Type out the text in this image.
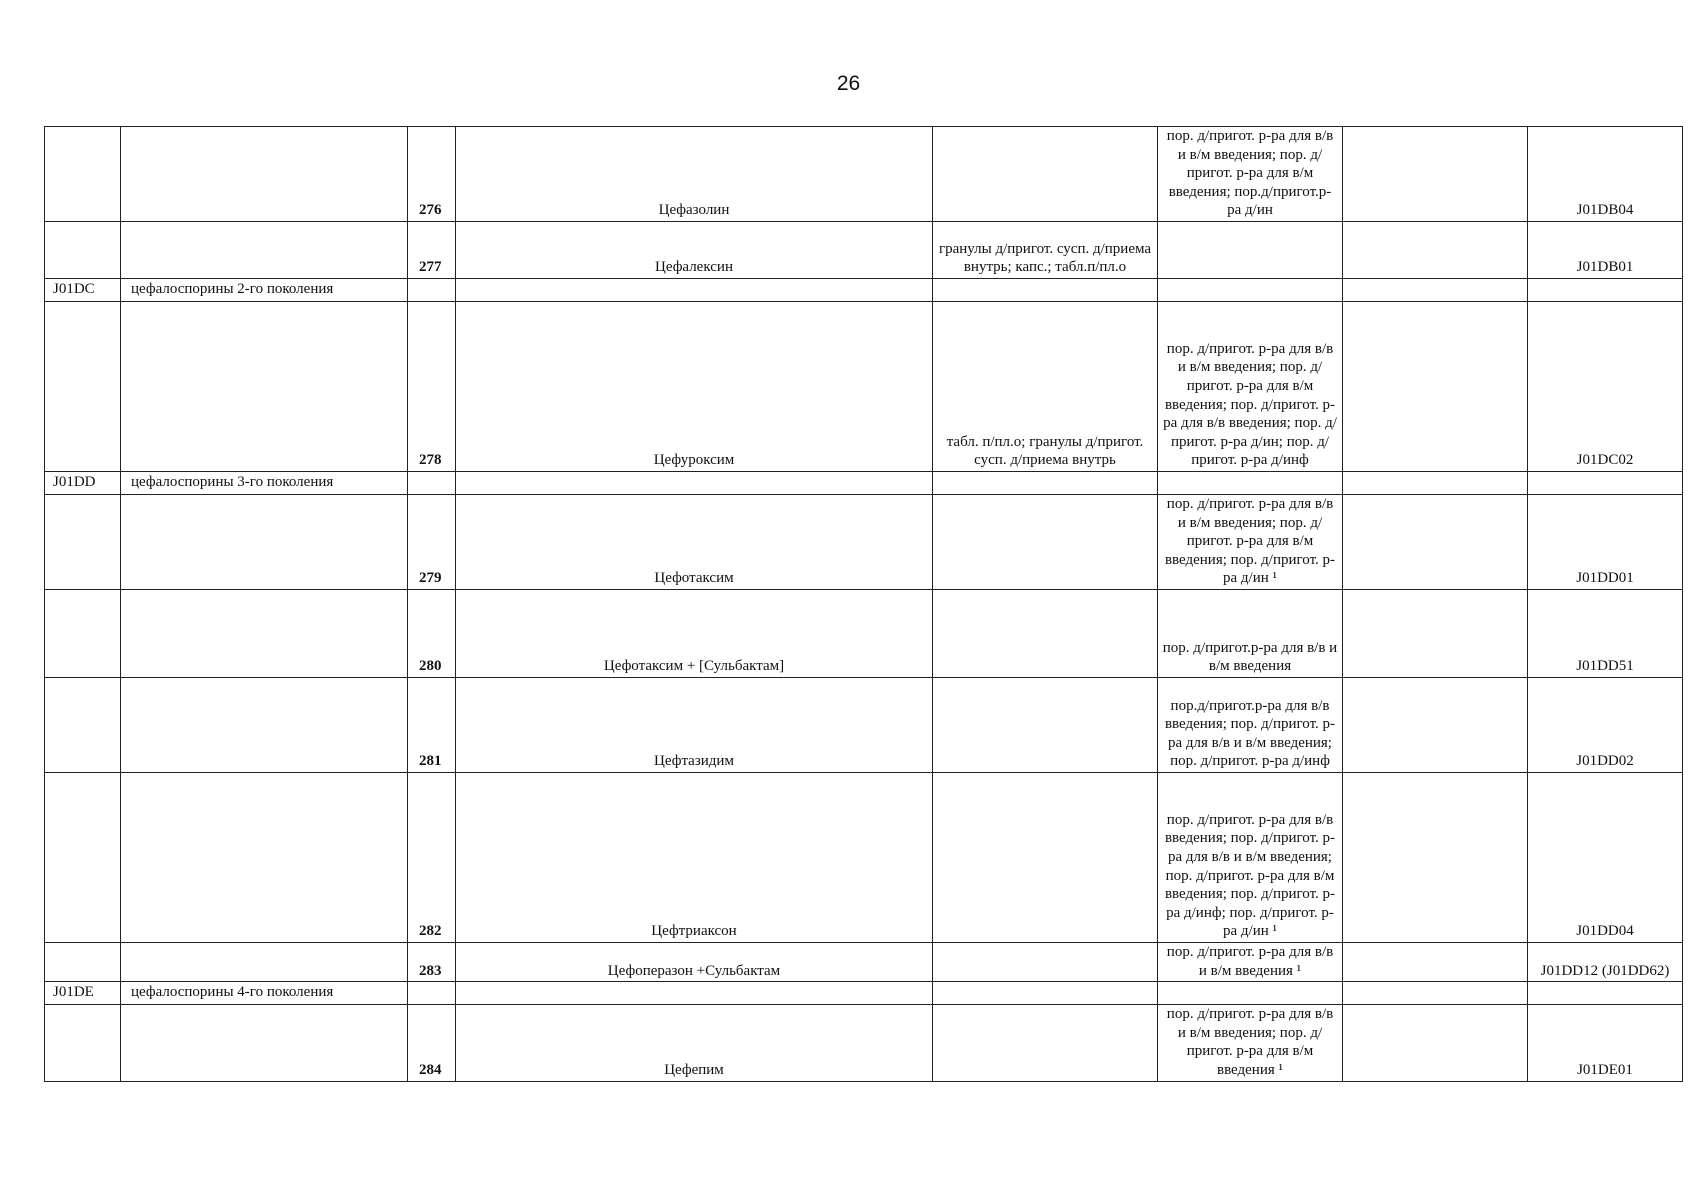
26
		276	Цефазолин		пор. д/пригот. р-ра для в/в и в/м введения; пор. д/пригот. р-ра для в/м введения; пор.д/пригот.р-ра д/ин		J01DB04
		277	Цефалексин	гранулы д/пригот. сусп. д/приема внутрь; капс.; табл.п/пл.о			J01DB01
J01DC	цефалоспорины 2-го поколения						
		278	Цефуроксим	табл. п/пл.о; гранулы д/пригот. сусп. д/приема внутрь	пор. д/пригот. р-ра для в/в и в/м введения; пор. д/пригот. р-ра для в/м введения; пор. д/пригот. р-ра для в/в введения; пор. д/пригот. р-ра д/ин; пор. д/пригот. р-ра д/инф		J01DC02
J01DD	цефалоспорины 3-го поколения						
		279	Цефотаксим		пор. д/пригот. р-ра для в/в и в/м введения; пор. д/пригот. р-ра для в/м введения; пор. д/пригот. р-ра д/ин ¹		J01DD01
		280	Цефотаксим + [Сульбактам]		пор. д/пригот.р-ра для в/в и в/м введения		J01DD51
		281	Цефтазидим		пор.д/пригот.р-ра для в/в введения; пор. д/пригот. р-ра для в/в и в/м введения; пор. д/пригот. р-ра д/инф		J01DD02
		282	Цефтриаксон		пор. д/пригот. р-ра для в/в введения; пор. д/пригот. р-ра для в/в и в/м введения; пор. д/пригот. р-ра для в/м введения; пор. д/пригот. р-ра д/инф; пор. д/пригот. р-ра д/ин ¹		J01DD04
		283	Цефоперазон +Сульбактам		пор. д/пригот. р-ра для в/в и в/м введения ¹		J01DD12 (J01DD62)
J01DE	цефалоспорины 4-го поколения						
		284	Цефепим		пор. д/пригот. р-ра для в/в и в/м введения; пор. д/пригот. р-ра для в/м введения ¹		J01DE01
